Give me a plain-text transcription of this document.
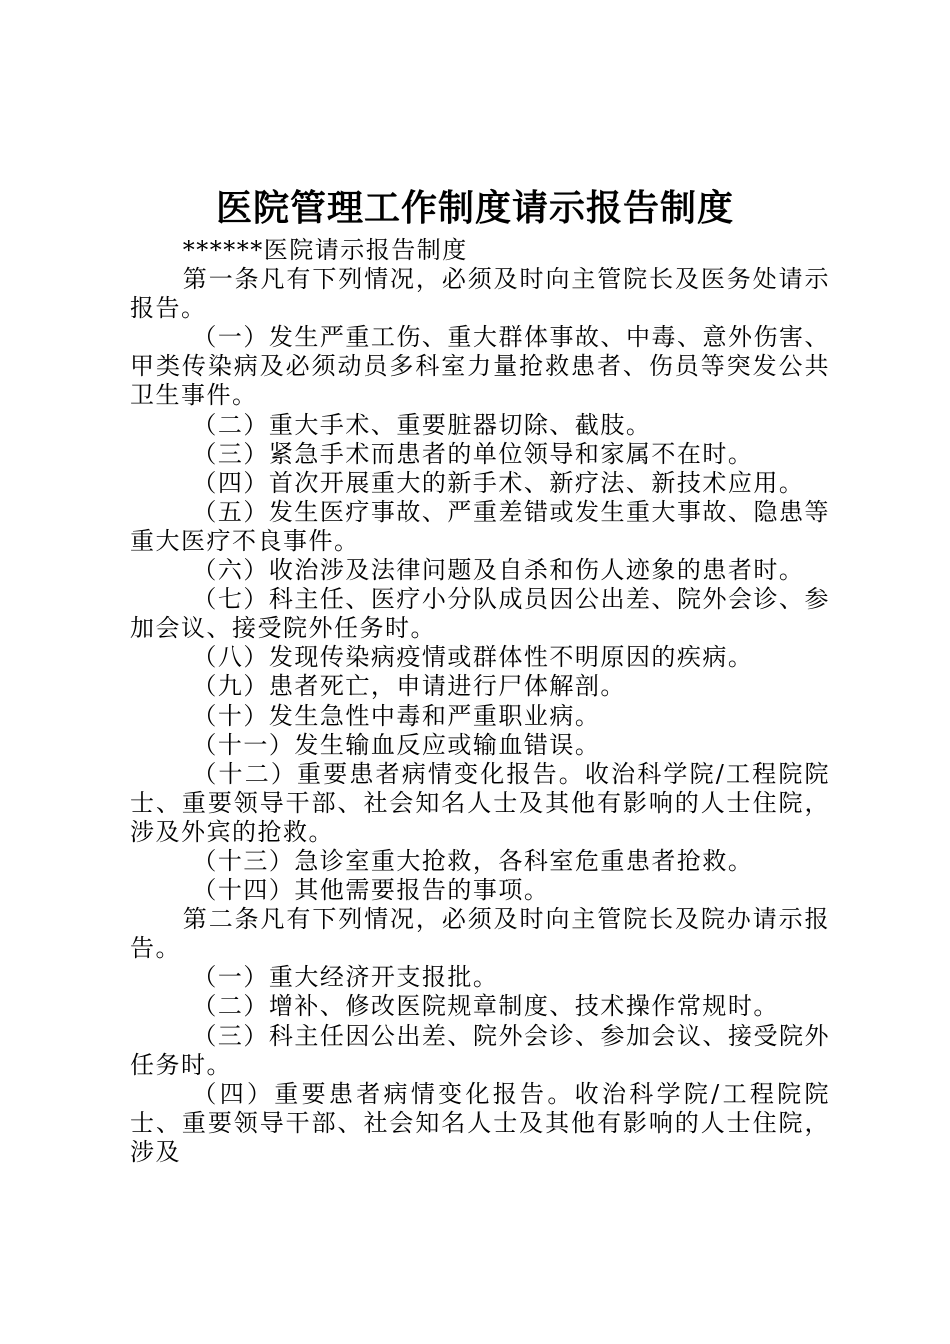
医院管理工作制度请示报告制度

******医院请示报告制度

第一条凡有下列情况，必须及时向主管院长及医务处请示报告。

（一）发生严重工伤、重大群体事故、中毒、意外伤害、甲类传染病及必须动员多科室力量抢救患者、伤员等突发公共卫生事件。

（二）重大手术、重要脏器切除、截肢。

（三）紧急手术而患者的单位领导和家属不在时。

（四）首次开展重大的新手术、新疗法、新技术应用。

（五）发生医疗事故、严重差错或发生重大事故、隐患等重大医疗不良事件。

（六）收治涉及法律问题及自杀和伤人迹象的患者时。

（七）科主任、医疗小分队成员因公出差、院外会诊、参加会议、接受院外任务时。

（八）发现传染病疫情或群体性不明原因的疾病。

（九）患者死亡，申请进行尸体解剖。

（十）发生急性中毒和严重职业病。

（十一）发生输血反应或输血错误。

（十二）重要患者病情变化报告。收治科学院/工程院院士、重要领导干部、社会知名人士及其他有影响的人士住院，涉及外宾的抢救。

（十三）急诊室重大抢救，各科室危重患者抢救。

（十四）其他需要报告的事项。

第二条凡有下列情况，必须及时向主管院长及院办请示报告。

（一）重大经济开支报批。

（二）增补、修改医院规章制度、技术操作常规时。

（三）科主任因公出差、院外会诊、参加会议、接受院外任务时。

（四）重要患者病情变化报告。收治科学院/工程院院士、重要领导干部、社会知名人士及其他有影响的人士住院，涉及
